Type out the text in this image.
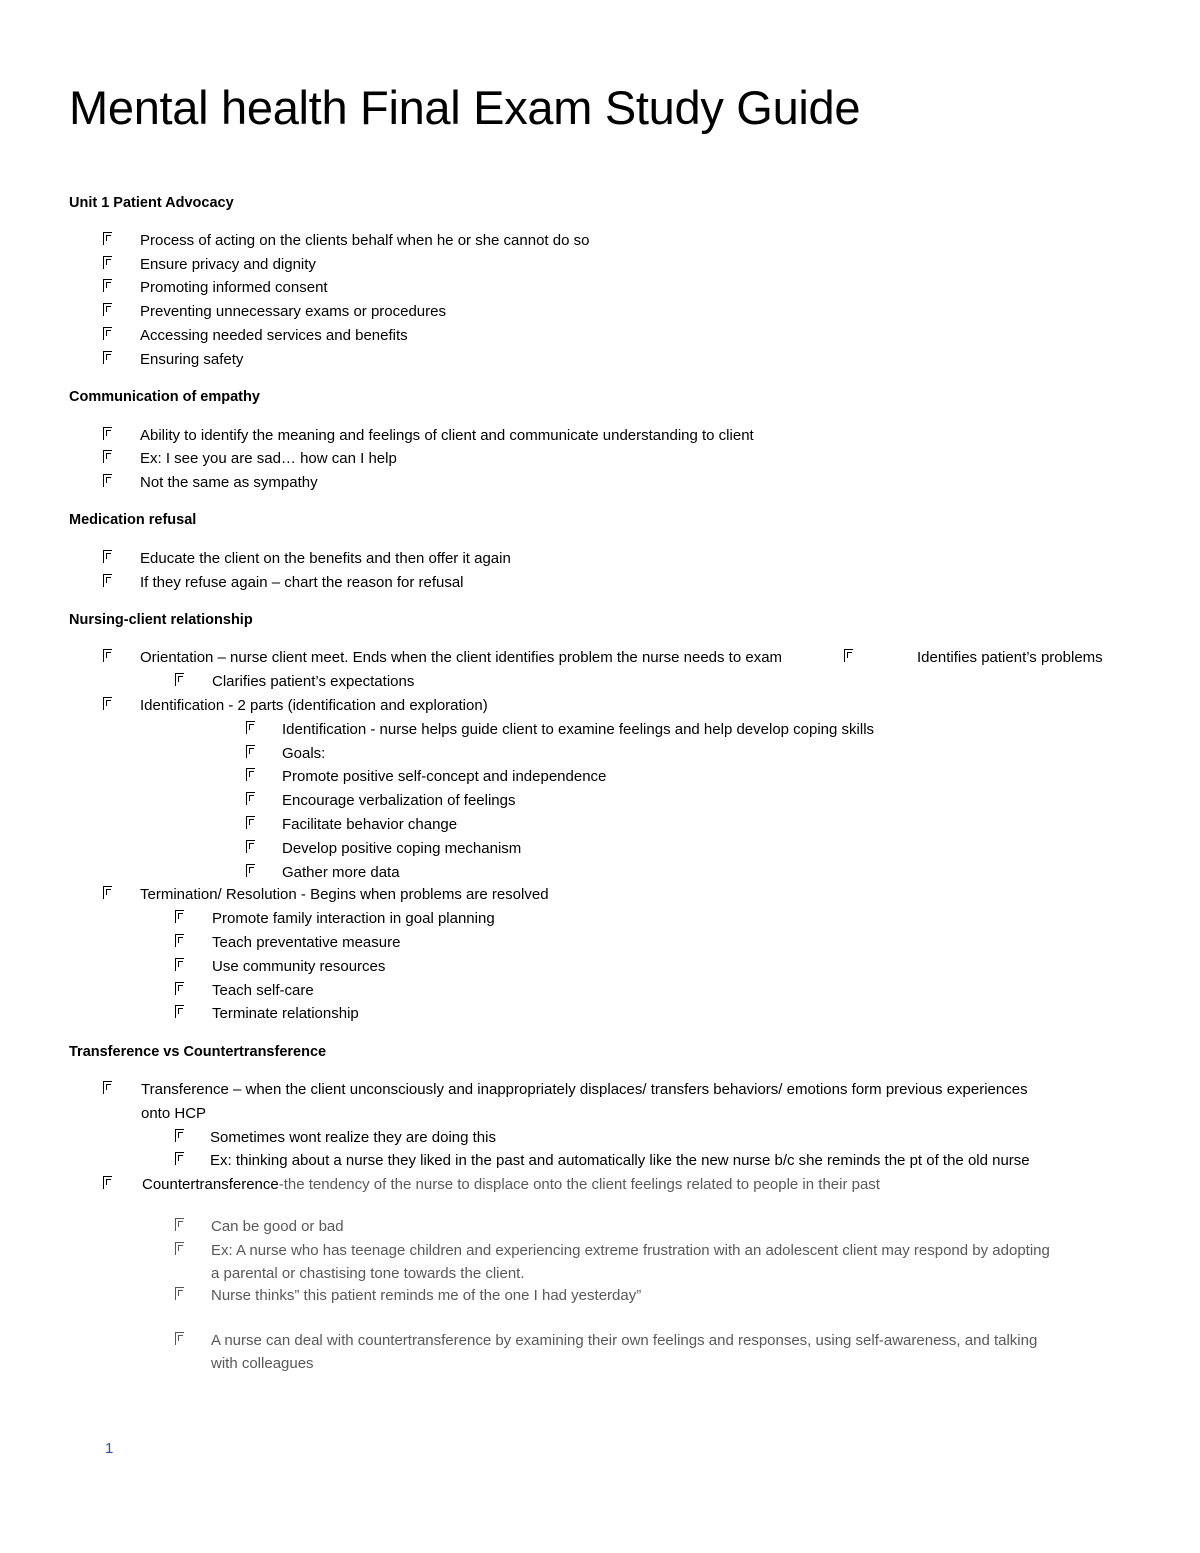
Mental health Final Exam Study Guide
Unit 1 Patient Advocacy
Process of acting on the clients behalf when he or she cannot do so
Ensure privacy and dignity
Promoting informed consent
Preventing unnecessary exams or procedures
Accessing needed services and benefits
Ensuring safety
Communication of empathy
Ability to identify the meaning and feelings of client and communicate understanding to client
Ex: I see you are sad… how can I help
Not the same as sympathy
Medication refusal
Educate the client on the benefits and then offer it again
If they refuse again – chart the reason for refusal
Nursing-client relationship
Orientation – nurse client meet. Ends when the client identifies problem the nurse needs to exam	Identifies patient’s problems
Clarifies patient’s expectations
Identification - 2 parts (identification and exploration)
Identification - nurse helps guide client to examine feelings and help develop coping skills
Goals:
Promote positive self-concept and independence
Encourage verbalization of feelings
Facilitate behavior change
Develop positive coping mechanism
Gather more data
Termination/ Resolution - Begins when problems are resolved
Promote family interaction in goal planning
Teach preventative measure
Use community resources
Teach self-care
Terminate relationship
Transference vs Countertransference
Transference – when the client unconsciously and inappropriately displaces/ transfers behaviors/ emotions form previous experiences
onto HCP
Sometimes wont realize they are doing this
Ex: thinking about a nurse they liked in the past and automatically like the new nurse b/c she reminds the pt of the old nurse
Countertransference-the tendency of the nurse to displace onto the client feelings related to people in their past
Can be good or bad
Ex: A nurse who has teenage children and experiencing extreme frustration with an adolescent client may respond by adopting
a parental or chastising tone towards the client.
Nurse thinks” this patient reminds me of the one I had yesterday”
A nurse can deal with countertransference by examining their own feelings and responses, using self-awareness, and talking
with colleagues
1
